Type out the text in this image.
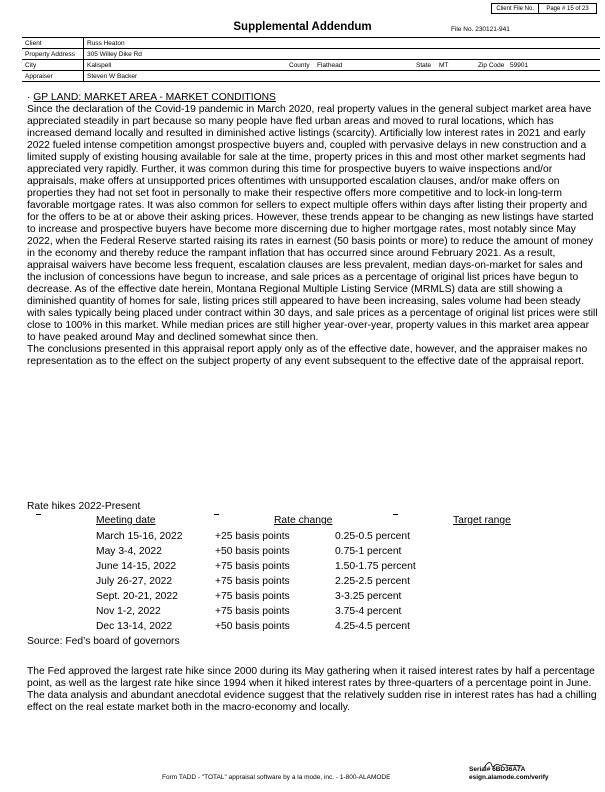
Client File No.	Page # 15 of 23
Supplemental Addendum	File No. 230121-941
Client	Russ Heaton
Property Address 305 Willey Dike Rd
City	Kalispell	County Flathead	State MT	Zip Code 59901
Appraiser	Steven W Backer

· GP LAND: MARKET AREA - MARKET CONDITIONS

Since the declaration of the Covid-19 pandemic in March 2020, real property values in the general subject market area have appreciated steadily in part because so many people have fled urban areas and moved to rural locations, which has increased demand locally and resulted in diminished active listings (scarcity). Artificially low interest rates in 2021 and early 2022 fueled intense competition amongst prospective buyers and, coupled with pervasive delays in new construction and a limited supply of existing housing available for sale at the time, property prices in this and most other market segments had appreciated very rapidly. Further, it was common during this time for prospective buyers to waive inspections and/or appraisals, make offers at unsupported prices oftentimes with unsupported escalation clauses, and/or make offers on properties they had not set foot in personally to make their respective offers more competitive and to lock-in long-term favorable mortgage rates. It was also common for sellers to expect multiple offers within days after listing their property and for the offers to be at or above their asking prices. However, these trends appear to be changing as new listings have started to increase and prospective buyers have become more discerning due to higher mortgage rates, most notably since May 2022, when the Federal Reserve started raising its rates in earnest (50 basis points or more) to reduce the amount of money in the economy and thereby reduce the rampant inflation that has occurred since around February 2021. As a result, appraisal waivers have become less frequent, escalation clauses are less prevalent, median days-on-market for sales and the inclusion of concessions have begun to increase, and sale prices as a percentage of original list prices have begun to decrease. As of the effective date herein, Montana Regional Multiple Listing Service (MRMLS) data are still showing a diminished quantity of homes for sale, listing prices still appeared to have been increasing, sales volume had been steady with sales typically being placed under contract within 30 days, and sale prices as a percentage of original list prices were still close to 100% in this market. While median prices are still higher year-over-year, property values in this market area appear to have peaked around May and declined somewhat since then.

The conclusions presented in this appraisal report apply only as of the effective date, however, and the appraiser makes no representation as to the effect on the subject property of any event subsequent to the effective date of the appraisal report.

Rate hikes 2022-Present
Meeting date	Rate change	Target range
March 15-16, 2022	+25 basis points	0.25-0.5 percent
May 3-4, 2022	+50 basis points	0.75-1 percent
June 14-15, 2022	+75 basis points	1.50-1.75 percent
July 26-27, 2022	+75 basis points	2.25-2.5 percent
Sept. 20-21, 2022	+75 basis points	3-3.25 percent
Nov 1-2, 2022	+75 basis points	3.75-4 percent
Dec 13-14, 2022	+50 basis points	4.25-4.5 percent
Source: Fed’s board of governors
The Fed approved the largest rate hike since 2000 during its May gathering when it raised interest rates by half a percentage point, as well as the largest rate hike since 1994 when it hiked interest rates by three-quarters of a percentage point in June. The data analysis and abundant anecdotal evidence suggest that the relatively sudden rise in interest rates has had a chilling effect on the real estate market both in the macro-economy and locally.
Form TADD - "TOTAL" appraisal software by a la mode, inc. - 1-800-ALAMODE
Serial# 6BD36A7A
esign.alamode.com/verify
